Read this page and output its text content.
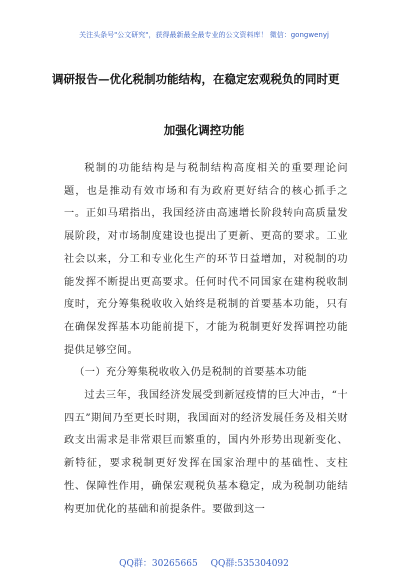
关注头条号"公文研究"，获得最新最全最专业的公文资料库！ 微信：gongwenyj
调研报告—优化税制功能结构，在稳定宏观税负的同时更
加强化调控功能

税制的功能结构是与税制结构高度相关的重要理论问题，也是推动有效市场和有为政府更好结合的核心抓手之一。正如马珺指出，我国经济由高速增长阶段转向高质量发展阶段，对市场制度建设也提出了更新、更高的要求。工业社会以来，分工和专业化生产的环节日益增加，对税制的功能发挥不断提出更高要求。任何时代不同国家在建构税收制度时，充分筹集税收收入始终是税制的首要基本功能，只有在确保发挥基本功能前提下，才能为税制更好发挥调控功能提供足够空间。

（一）充分筹集税收收入仍是税制的首要基本功能

过去三年，我国经济发展受到新冠疫情的巨大冲击，“十四五”期间乃至更长时期，我国面对的经济发展任务及相关财政支出需求是非常艰巨而繁重的，国内外形势出现新变化、新特征，要求税制更好发挥在国家治理中的基础性、支柱性、保障性作用，确保宏观税负基本稳定，成为税制功能结构更加优化的基础和前提条件。要做到这一

QQ群：30265665 QQ群:535304092
